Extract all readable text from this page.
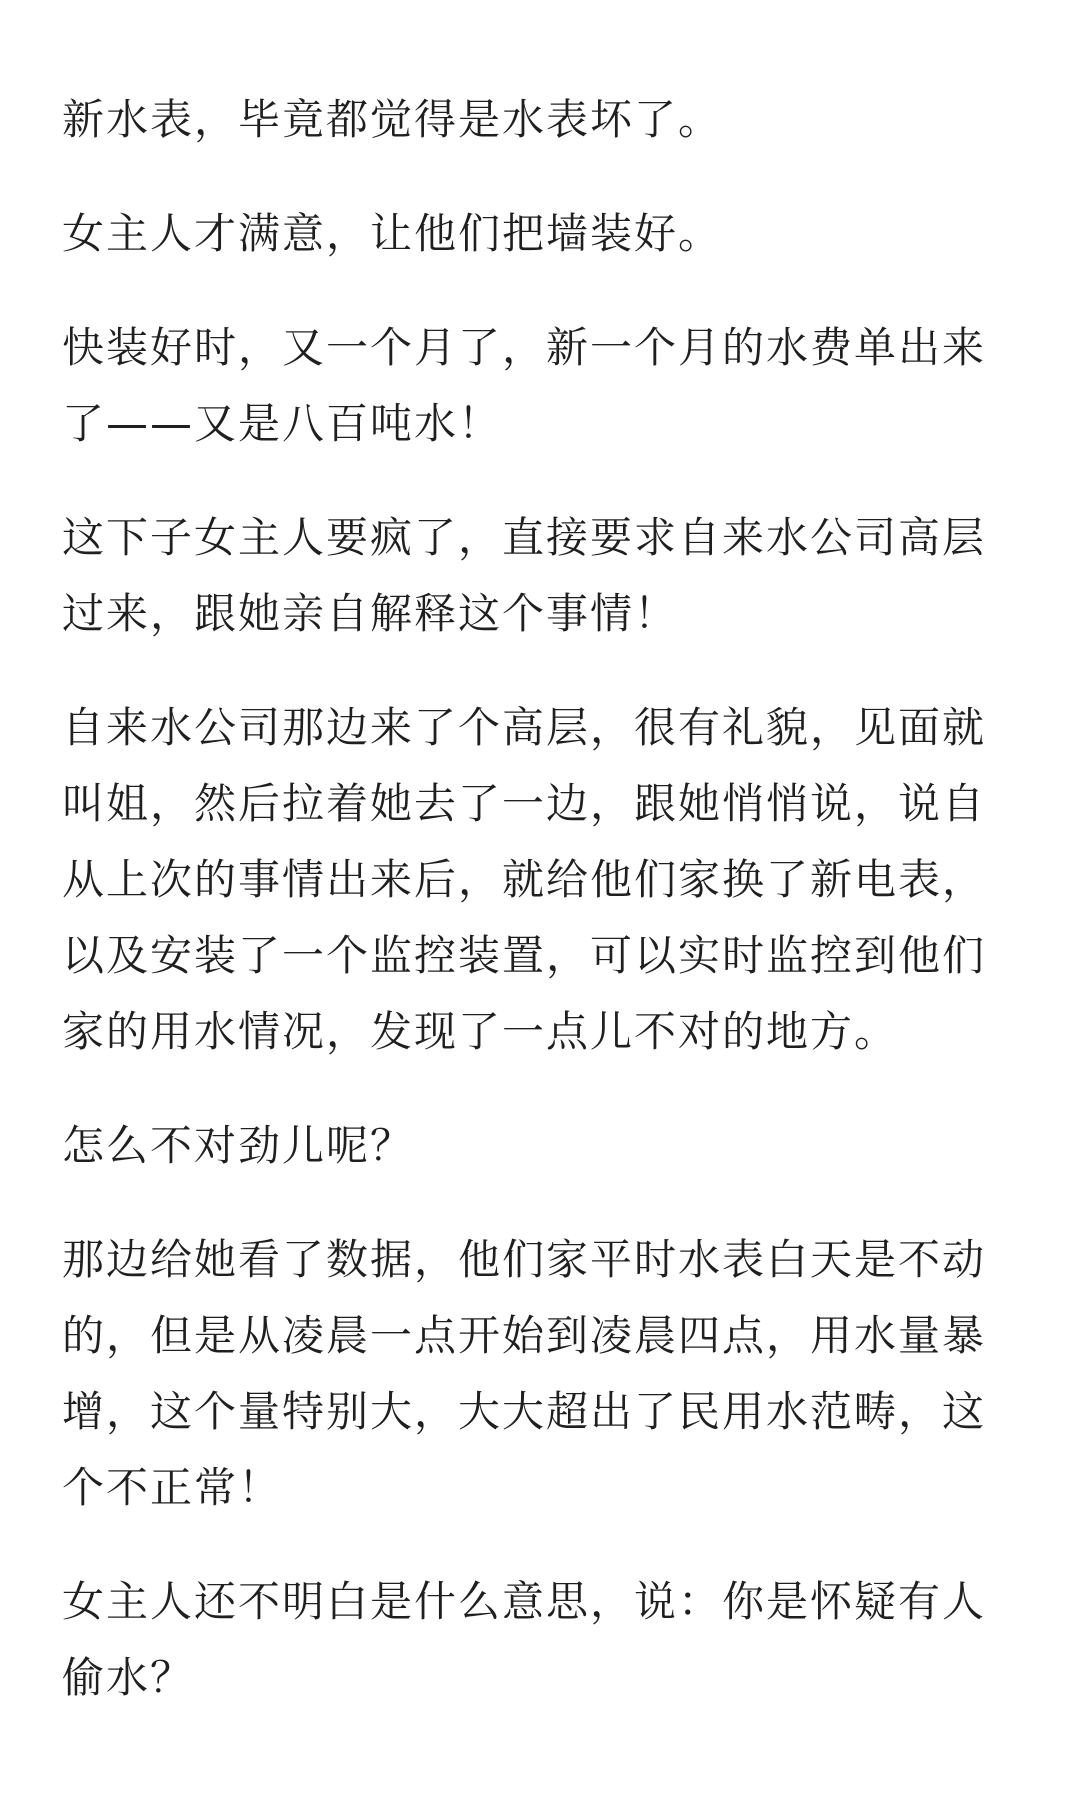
新水表，毕竟都觉得是水表坏了。

女主人才满意，让他们把墙装好。

快装好时，又一个月了，新一个月的水费单出来了——又是八百吨水！

这下子女主人要疯了，直接要求自来水公司高层过来，跟她亲自解释这个事情！

自来水公司那边来了个高层，很有礼貌，见面就叫姐，然后拉着她去了一边，跟她悄悄说，说自从上次的事情出来后，就给他们家换了新电表，以及安装了一个监控装置，可以实时监控到他们家的用水情况，发现了一点儿不对的地方。

怎么不对劲儿呢？

那边给她看了数据，他们家平时水表白天是不动的，但是从凌晨一点开始到凌晨四点，用水量暴增，这个量特别大，大大超出了民用水范畴，这个不正常！

女主人还不明白是什么意思，说：你是怀疑有人偷水？
